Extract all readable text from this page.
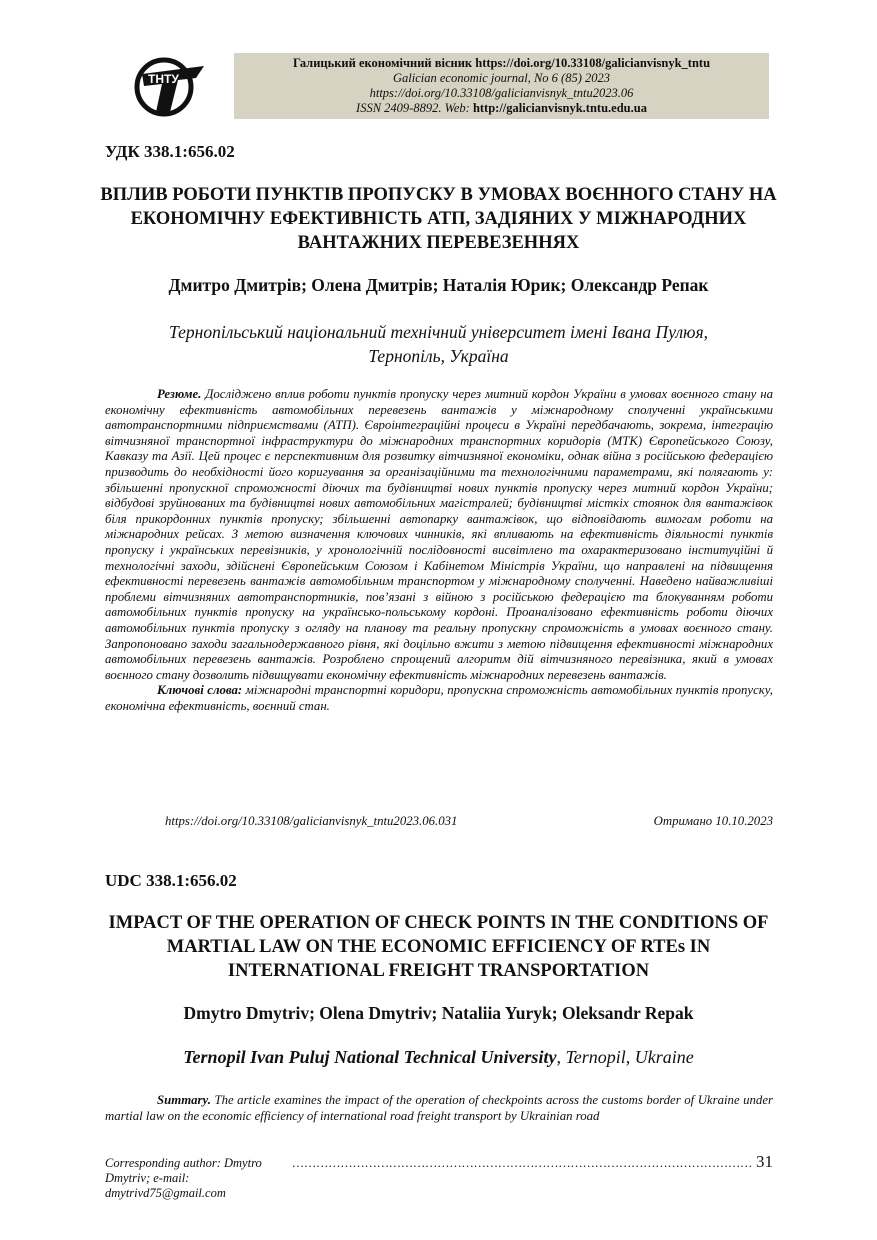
ТНТУ
Галицький економічний вісник https://doi.org/10.33108/galicianvisnyk_tntu
Galician economic journal, No 6 (85) 2023
https://doi.org/10.33108/galicianvisnyk_tntu2023.06
ISSN 2409-8892. Web: http://galicianvisnyk.tntu.edu.ua
УДК 338.1:656.02
ВПЛИВ РОБОТИ ПУНКТІВ ПРОПУСКУ В УМОВАХ ВОЄННОГО СТАНУ НА ЕКОНОМІЧНУ ЕФЕКТИВНІСТЬ АТП, ЗАДІЯНИХ У МІЖНАРОДНИХ ВАНТАЖНИХ ПЕРЕВЕЗЕННЯХ
Дмитро Дмитрів; Олена Дмитрів; Наталія Юрик; Олександр Репак
Тернопільський національний технічний університет імені Івана Пулюя, Тернопіль, Україна

Резюме. Досліджено вплив роботи пунктів пропуску через митний кордон України в умовах воєнного стану на економічну ефективність автомобільних перевезень вантажів у міжнародному сполученні українськими автотранспортними підприємствами (АТП). Євроінтеграційні процеси в Україні передбачають, зокрема, інтеграцію вітчизняної транспортної інфраструктури до міжнародних транспортних коридорів (МТК) Європейського Союзу, Кавказу та Азії. Цей процес є перспективним для розвитку вітчизняної економіки, однак війна з російською федерацією призводить до необхідності його коригування за організаційними та технологічними параметрами, які полягають у: збільшенні пропускної спроможності діючих та будівництві нових пунктів пропуску через митний кордон України; відбудові зруйнованих та будівництві нових автомобільних магістралей; будівництві місткіх стоянок для вантажівок біля прикордонних пунктів пропуску; збільшенні автопарку вантажівок, що відповідають вимогам роботи на міжнародних рейсах. З метою визначення ключових чинників, які впливають на ефективність діяльності пунктів пропуску і українських перевізників, у хронологічній послідовності висвітлено та охарактеризовано інституційні й технологічні заходи, здійснені Європейським Союзом і Кабінетом Міністрів України, що направлені на підвищення ефективності перевезень вантажів автомобільним транспортом у міжнародному сполученні. Наведено найважливіші проблеми вітчизняних автотранспортників, пов’язані з війною з російською федерацією та блокуванням роботи автомобільних пунктів пропуску на українсько-польському кордоні. Проаналізовано ефективність роботи діючих автомобільних пунктів пропуску з огляду на планову та реальну пропускну спроможність в умовах воєнного стану. Запропоновано заходи загальнодержавного рівня, які доцільно вжити з метою підвищення ефективності міжнародних автомобільних перевезень вантажів. Розроблено спрощений алгоритм дій вітчизняного перевізника, який в умовах воєнного стану дозволить підвищувати економічну ефективність міжнародних перевезень вантажів.

Ключові слова: міжнародні транспортні коридори, пропускна спроможність автомобільних пунктів пропуску, економічна ефективність, воєнний стан.

https://doi.org/10.33108/galicianvisnyk_tntu2023.06.031	Отримано 10.10.2023
UDC 338.1:656.02
IMPACT OF THE OPERATION OF CHECK POINTS IN THE CONDITIONS OF MARTIAL LAW ON THE ECONOMIC EFFICIENCY OF RTEs IN INTERNATIONAL FREIGHT TRANSPORTATION
Dmytro Dmytriv; Olena Dmytriv; Nataliia Yuryk; Oleksandr Repak
Ternopil Ivan Puluj National Technical University, Ternopil, Ukraine

Summary. The article examines the impact of the operation of checkpoints across the customs border of Ukraine under martial law on the economic efficiency of international road freight transport by Ukrainian road

Corresponding author: Dmytro Dmytriv; e-mail: dmytrivd75@gmail.com
…………………………………………………………………………………………………… 31
